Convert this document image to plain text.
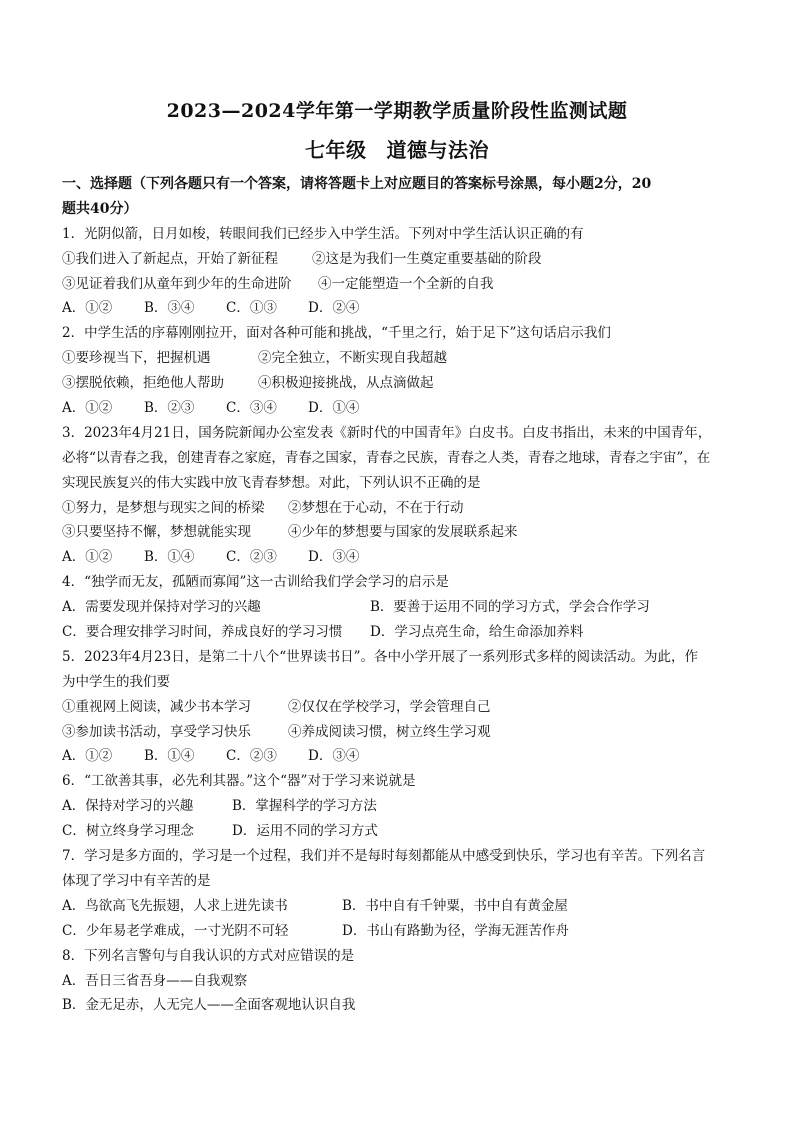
2023—2024学年第一学期教学质量阶段性监测试题
七年级 道德与法治
一、选择题（下列各题只有一个答案，请将答题卡上对应题目的答案标号涂黑，每小题2分，20
题共40分）
1．光阴似箭，日月如梭，转眼间我们已经步入中学生活。下列对中学生活认识正确的有
①我们进入了新起点，开始了新征程	②这是为我们一生奠定重要基础的阶段
③见证着我们从童年到少年的生命进阶 ④一定能塑造一个全新的自我
A．①② B．③④ C．①③ D．②④
2．中学生活的序幕刚刚拉开，面对各种可能和挑战，“千里之行，始于足下”这句话启示我们
①要珍视当下，把握机遇	②完全独立，不断实现自我超越
③摆脱依赖，拒绝他人帮助	④积极迎接挑战，从点滴做起
A．①② B．②③ C．③④ D．①④
3．2023年4月21日，国务院新闻办公室发表《新时代的中国青年》白皮书。白皮书指出，未来的中国青年，
必将“以青春之我，创建青春之家庭，青春之国家，青春之民族，青春之人类，青春之地球，青春之宇宙”，在
实现民族复兴的伟大实践中放飞青春梦想。对此，下列认识不正确的是
①努力，是梦想与现实之间的桥梁 ②梦想在于心动，不在于行动
③只要坚持不懈，梦想就能实现	④少年的梦想要与国家的发展联系起来
A．①② B．①④ C．②③ D．③④
4．“独学而无友，孤陋而寡闻”这一古训给我们学会学习的启示是
A．需要发现并保持对学习的兴趣	B．要善于运用不同的学习方式，学会合作学习
C．要合理安排学习时间，养成良好的学习习惯 D．学习点亮生命，给生命添加养料
5．2023年4月23日，是第二十八个“世界读书日”。各中小学开展了一系列形式多样的阅读活动。为此，作
为中学生的我们要
①重视网上阅读，减少书本学习	②仅仅在学校学习，学会管理自己
③参加读书活动，享受学习快乐	④养成阅读习惯，树立终生学习观
A．①② B．①④ C．②③ D．③④
6．“工欲善其事，必先利其器。”这个“器”对于学习来说就是
A．保持对学习的兴趣	B．掌握科学的学习方法
C．树立终身学习理念	D．运用不同的学习方式
7．学习是多方面的，学习是一个过程，我们并不是每时每刻都能从中感受到快乐，学习也有辛苦。下列名言
体现了学习中有辛苦的是
A．鸟欲高飞先振翅，人求上进先读书	B．书中自有千钟粟，书中自有黄金屋
C．少年易老学难成，一寸光阴不可轻	D．书山有路勤为径，学海无涯苦作舟
8．下列名言警句与自我认识的方式对应错误的是
A．吾日三省吾身——自我观察
B．金无足赤，人无完人——全面客观地认识自我
